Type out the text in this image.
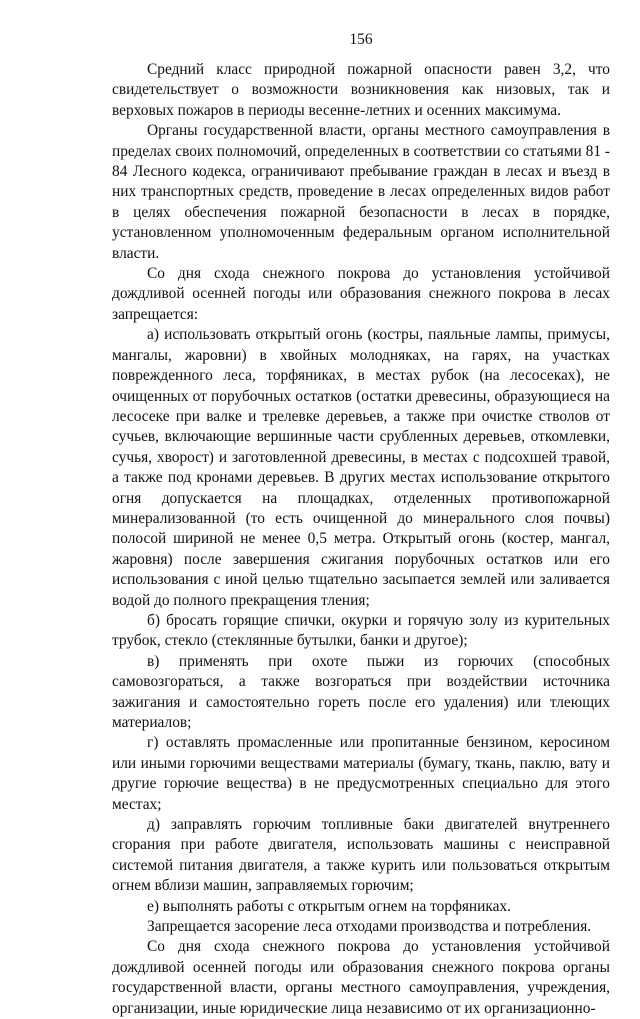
156

Средний класс природной пожарной опасности равен 3,2, что свидетельствует о возможности возникновения как низовых, так и верховых пожаров в периоды весенне-летних и осенних максимума.

Органы государственной власти, органы местного самоуправления в пределах своих полномочий, определенных в соответствии со статьями 81 - 84 Лесного кодекса, ограничивают пребывание граждан в лесах и въезд в них транспортных средств, проведение в лесах определенных видов работ в целях обеспечения пожарной безопасности в лесах в порядке, установленном уполномоченным федеральным органом исполнительной власти.

Со дня схода снежного покрова до установления устойчивой дождливой осенней погоды или образования снежного покрова в лесах запрещается:

а) использовать открытый огонь (костры, паяльные лампы, примусы, мангалы, жаровни) в хвойных молодняках, на гарях, на участках поврежденного леса, торфяниках, в местах рубок (на лесосеках), не очищенных от порубочных остатков (остатки древесины, образующиеся на лесосеке при валке и трелевке деревьев, а также при очистке стволов от сучьев, включающие вершинные части срубленных деревьев, откомлевки, сучья, хворост) и заготовленной древесины, в местах с подсохшей травой, а также под кронами деревьев. В других местах использование открытого огня допускается на площадках, отделенных противопожарной минерализованной (то есть очищенной до минерального слоя почвы) полосой шириной не менее 0,5 метра. Открытый огонь (костер, мангал, жаровня) после завершения сжигания порубочных остатков или его использования с иной целью тщательно засыпается землей или заливается водой до полного прекращения тления;

б) бросать горящие спички, окурки и горячую золу из курительных трубок, стекло (стеклянные бутылки, банки и другое);

в) применять при охоте пыжи из горючих (способных самовозгораться, а также возгораться при воздействии источника зажигания и самостоятельно гореть после его удаления) или тлеющих материалов;

г) оставлять промасленные или пропитанные бензином, керосином или иными горючими веществами материалы (бумагу, ткань, паклю, вату и другие горючие вещества) в не предусмотренных специально для этого местах;

д) заправлять горючим топливные баки двигателей внутреннего сгорания при работе двигателя, использовать машины с неисправной системой питания двигателя, а также курить или пользоваться открытым огнем вблизи машин, заправляемых горючим;

е) выполнять работы с открытым огнем на торфяниках.

Запрещается засорение леса отходами производства и потребления.

Со дня схода снежного покрова до установления устойчивой дождливой осенней погоды или образования снежного покрова органы государственной власти, органы местного самоуправления, учреждения, организации, иные юридические лица независимо от их организационно-
